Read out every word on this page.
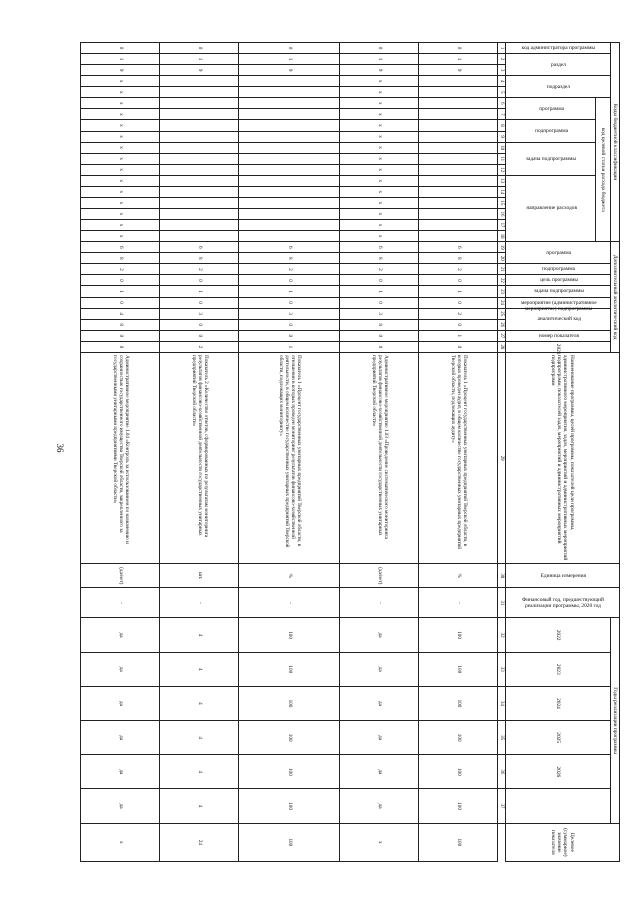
36
Коды бюджетной классификации																		Дополнительный аналитический код										Наименование программы, целей программы, показателей цели программы, административного мероприятия, задач, мероприятий и административных мероприятий подпрограмм, показателей задач, мероприятий и административных мероприятий подпрограмм	Единица измерения	Финансовый год, предшествующий реализации программы, 2020 год	Годы реализации программы						Целевое (суммарное) значение показателя
код администратора программы	раздел		подраздел		код целевой статьи расхода бюджета													программа		подпрограмма	цель программы	задача подпрограммы	мероприятие (административное мероприятие) подпрограммы	аналитический код		номер показателя	2021				2022	2023	2024	2025	2026		
					программа		подпрограмма		задача подпрограммы			направление расходов																									
1	2	3	4	5	6	7	8	9	10	11	12	13	14	15	16	17	18	19	20	21	22	23	24	25	26	27	28	29	30	31	32	33	34	35	36	37	
0	1	9																6	8	2	0	1	0	2	0	1	0	Показатель 1 «Процент государственных унитарных предприятий Тверской области, в которых проведен аудит, в общем количестве государственных унитарных предприятий Тверской области, подлежащих аудиту»	%	-	100	100	100	100	100	100	100
0	1	9	х	х	х	х	х	х	х	х	х	х	х	х	х	х	х	6	8	2	0	1	0	3	8	0	0	Административное мероприятие 1.03 «Проведение систематического мониторинга результатов финансово-хозяйственной деятельности государственных унитарных предприятий Тверской области»	(да/нет)	-	да	да	да	да	да	да	х
0	1	9																6	8	2	0	1	0	3	0	0	1	Показатель 1 «Процент государственных унитарных предприятий Тверской области, в отношении в которых проведен мониторинг результатов финансово-хозяйственной деятельности, в общем количестве государственных унитарных предприятий Тверской области, подлежащих мониторингу»	%	-	100	100	100	100	100	100	100
0	1	9																6	8	2	0	1	0	3	0	0	2	Показатель 2 «Количество отчетов, сформированных по результатам мониторинга результатов финансово-хозяйственной деятельности государственных унитарных предприятий Тверской области»	шт.	-	4	4	4	4	4	4	24
0	1	9	х	х	х	х	х	х	х	х	х	х	х	х	х	х	х	6	8	2	0	1	0	4	8	0	0	Административное мероприятие 1.04 «Контроль за использованием по назначению и сохранностью государственного имущества Тверской области, закрепленного за государственными унитарными предприятиями Тверской области»	(да/нет)	-	да	да	да	да	да	да	х
